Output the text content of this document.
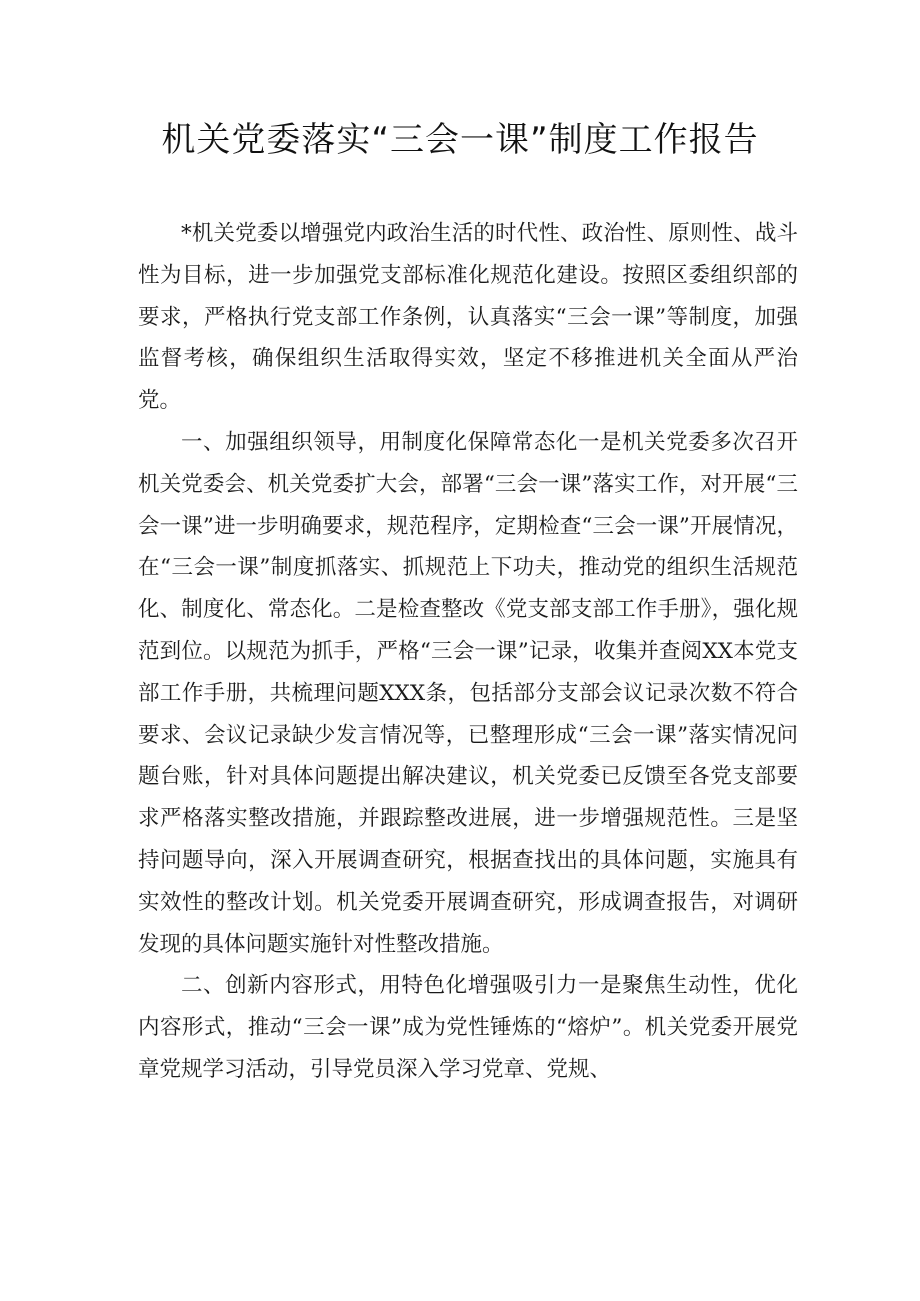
机关党委落实“三会一课”制度工作报告

*机关党委以增强党内政治生活的时代性、政治性、原则性、战斗性为目标，进一步加强党支部标准化规范化建设。按照区委组织部的要求，严格执行党支部工作条例，认真落实“三会一课”等制度，加强监督考核，确保组织生活取得实效，坚定不移推进机关全面从严治党。

一、加强组织领导，用制度化保障常态化一是机关党委多次召开机关党委会、机关党委扩大会，部署“三会一课”落实工作，对开展“三会一课”进一步明确要求，规范程序，定期检查“三会一课”开展情况，在“三会一课”制度抓落实、抓规范上下功夫，推动党的组织生活规范化、制度化、常态化。二是检查整改《党支部支部工作手册》，强化规范到位。以规范为抓手，严格“三会一课”记录，收集并查阅XX本党支部工作手册，共梳理问题XXX条，包括部分支部会议记录次数不符合要求、会议记录缺少发言情况等，已整理形成“三会一课”落实情况问题台账，针对具体问题提出解决建议，机关党委已反馈至各党支部要求严格落实整改措施，并跟踪整改进展，进一步增强规范性。三是坚持问题导向，深入开展调查研究，根据查找出的具体问题，实施具有实效性的整改计划。机关党委开展调查研究，形成调查报告，对调研发现的具体问题实施针对性整改措施。

二、创新内容形式，用特色化增强吸引力一是聚焦生动性，优化内容形式，推动“三会一课”成为党性锤炼的“熔炉”。机关党委开展党章党规学习活动，引导党员深入学习党章、党规、
